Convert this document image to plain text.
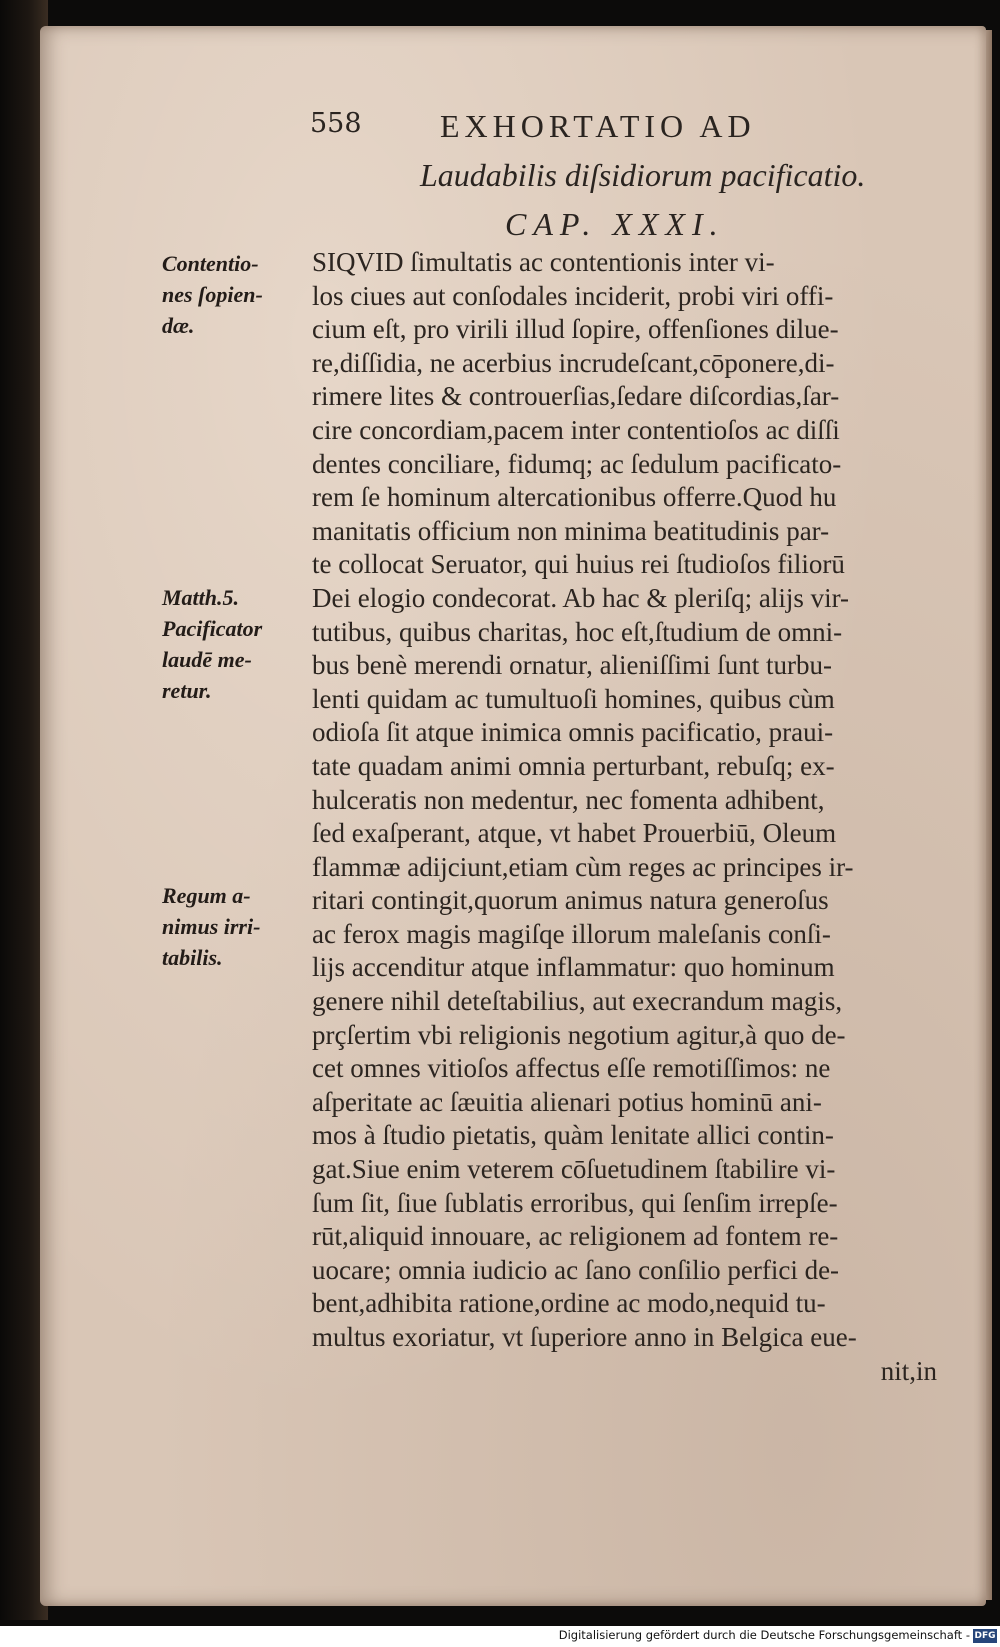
558 EXHORTATIO AD
Laudabilis diſsidiorum pacificatio.
CAP. XXXI.
Contentio-
nes ſopien-
dæ.
Matth.5.
Pacificator
laudē me-
retur.
Regum a-
nimus irri-
tabilis.
SIQVID ſimultatis ac contentionis inter vi-
los ciues aut conſodales inciderit, probi viri offi-
cium eſt, pro virili illud ſopire, offenſiones dilue-
re,diſſidia, ne acerbius incrudeſcant,cōponere,di-
rimere lites & controuerſias,ſedare diſcordias,ſar-
cire concordiam,pacem inter contentioſos ac diſſi
dentes conciliare, fidumq; ac ſedulum pacificato-
rem ſe hominum altercationibus offerre.Quod hu
manitatis officium non minima beatitudinis par-
te collocat Seruator, qui huius rei ſtudioſos filiorū
Dei elogio condecorat. Ab hac & pleriſq; alijs vir-
tutibus, quibus charitas, hoc eſt,ſtudium de omni-
bus benè merendi ornatur, alieniſſimi ſunt turbu-
lenti quidam ac tumultuoſi homines, quibus cùm
odioſa ſit atque inimica omnis pacificatio, praui-
tate quadam animi omnia perturbant, rebuſq; ex-
hulceratis non medentur, nec fomenta adhibent,
ſed exaſperant, atque, vt habet Prouerbiū, Oleum
flammæ adijciunt,etiam cùm reges ac principes ir-
ritari contingit,quorum animus natura generoſus
ac ferox magis magiſqe illorum maleſanis conſi-
lijs accenditur atque inflammatur: quo hominum
genere nihil deteſtabilius, aut execrandum magis,
prçſertim vbi religionis negotium agitur,à quo de-
cet omnes vitioſos affectus eſſe remotiſſimos: ne
aſperitate ac ſæuitia alienari potius hominū ani-
mos à ſtudio pietatis, quàm lenitate allici contin-
gat.Siue enim veterem cōſuetudinem ſtabilire vi-
ſum ſit, ſiue ſublatis erroribus, qui ſenſim irrepſe-
rūt,aliquid innouare, ac religionem ad fontem re-
uocare; omnia iudicio ac ſano conſilio perfici de-
bent,adhibita ratione,ordine ac modo,nequid tu-
multus exoriatur, vt ſuperiore anno in Belgica eue-
nit,in
Digitalisierung gefördert durch die Deutsche Forschungsgemeinschaft - DFG
